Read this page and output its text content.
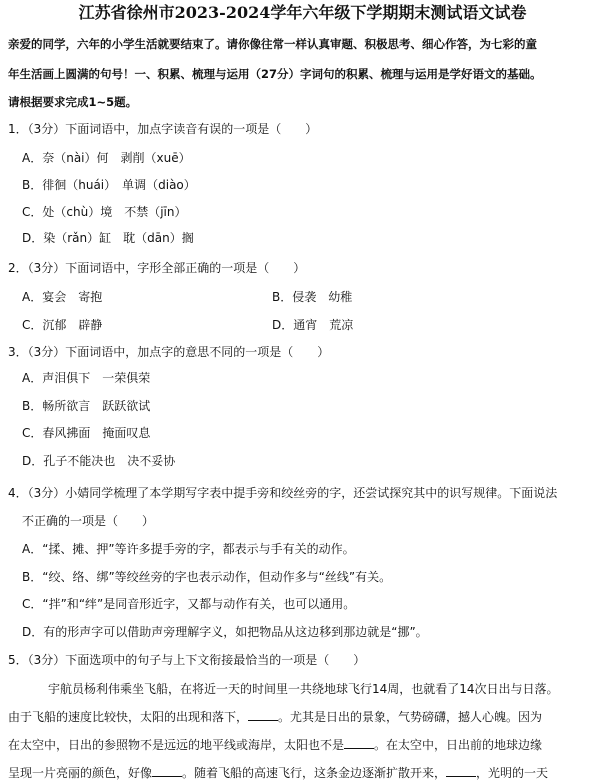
江苏省徐州市2023-2024学年六年级下学期期末测试语文试卷
亲爱的同学，六年的小学生活就要结束了。请你像往常一样认真审题、积极思考、细心作答，为七彩的童
年生活画上圆满的句号！一、积累、梳理与运用（27分）字词句的积累、梳理与运用是学好语文的基础。
请根据要求完成1~5题。
1．（3分）下面词语中，加点字读音有误的一项是（　　）
A．奈（nài）何　剥削（xuē）
B．徘徊（huái）　单调（diào）
C．处（chù）境　不禁（jīn）
D．染（rǎn）缸　耽（dān）搁
2．（3分）下面词语中，字形全部正确的一项是（　　）
A．宴会　寄抱	B．侵袭　幼稚
C．沉郁　辟静	D．通宵　荒凉
3．（3分）下面词语中，加点字的意思不同的一项是（　　）
A．声泪俱下　一荣俱荣
B．畅所欲言　跃跃欲试
C．春风拂面　掩面叹息
D．孔子不能决也　决不妥协
4．（3分）小婧同学梳理了本学期写字表中提手旁和绞丝旁的字，还尝试探究其中的识写规律。下面说法
不正确的一项是（　　）
A．“揉、摊、押”等许多提手旁的字，都表示与手有关的动作。
B．“绞、络、绑”等绞丝旁的字也表示动作，但动作多与“丝线”有关。
C．“拌”和“绊”是同音形近字，又都与动作有关，也可以通用。
D．有的形声字可以借助声旁理解字义，如把物品从这边移到那边就是“挪”。
5．（3分）下面选项中的句子与上下文衔接最恰当的一项是（　　）
宇航员杨利伟乘坐飞船，在将近一天的时间里一共绕地球飞行14周，也就看了14次日出与日落。
由于飞船的速度比较快，太阳的出现和落下，	。尤其是日出的景象，气势磅礴，撼人心魄。因为
在太空中，日出的参照物不是远远的地平线或海岸，太阳也不是	。在太空中，日出前的地球边缘
呈现一片亮丽的颜色，好像	。随着飞船的高速飞行，这条金边逐渐扩散开来，	，光明的一天
